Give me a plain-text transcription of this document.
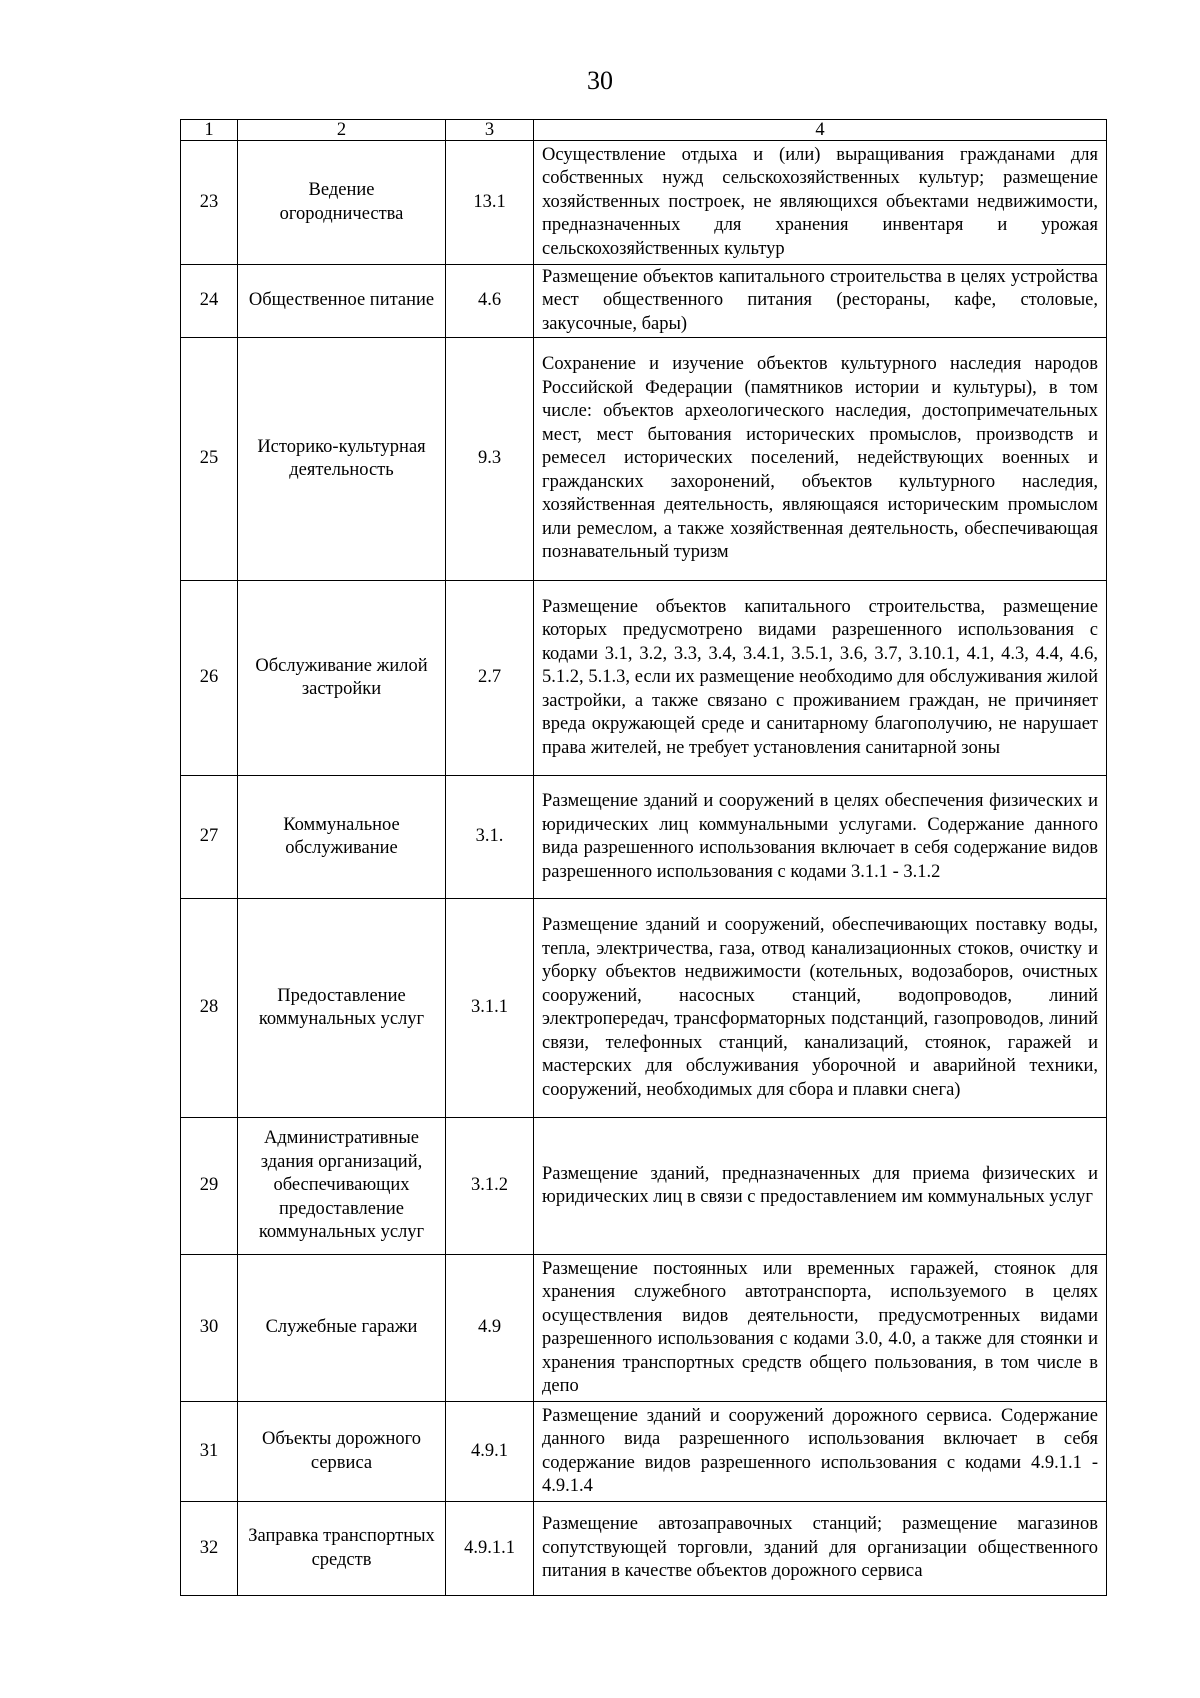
30
1	2	3	4
23	Ведение огородничества	13.1	Осуществление отдыха и (или) выращивания гражданами для собственных нужд сельскохозяйственных культур; размещение хозяйственных построек, не являющихся объектами недвижимости, предназначенных для хранения инвентаря и урожая сельскохозяйственных культур
24	Общественное питание	4.6	Размещение объектов капитального строительства в целях устройства мест общественного питания (рестораны, кафе, столовые, закусочные, бары)
25	Историко-культурная деятельность	9.3	Сохранение и изучение объектов культурного наследия народов Российской Федерации (памятников истории и культуры), в том числе: объектов археологического наследия, достопримечательных мест, мест бытования исторических промыслов, производств и ремесел исторических поселений, недействующих военных и гражданских захоронений, объектов культурного наследия, хозяйственная деятельность, являющаяся историческим промыслом или ремеслом, а также хозяйственная деятельность, обеспечивающая познавательный туризм
26	Обслуживание жилой застройки	2.7	Размещение объектов капитального строительства, размещение которых предусмотрено видами разрешенного использования с кодами 3.1, 3.2, 3.3, 3.4, 3.4.1, 3.5.1, 3.6, 3.7, 3.10.1, 4.1, 4.3, 4.4, 4.6, 5.1.2, 5.1.3, если их размещение необходимо для обслуживания жилой застройки, а также связано с проживанием граждан, не причиняет вреда окружающей среде и санитарному благополучию, не нарушает права жителей, не требует установления санитарной зоны
27	Коммунальное обслуживание	3.1.	Размещение зданий и сооружений в целях обеспечения физических и юридических лиц коммунальными услугами. Содержание данного вида разрешенного использования включает в себя содержание видов разрешенного использования с кодами 3.1.1 - 3.1.2
28	Предоставление коммунальных услуг	3.1.1	Размещение зданий и сооружений, обеспечивающих поставку воды, тепла, электричества, газа, отвод канализационных стоков, очистку и уборку объектов недвижимости (котельных, водозаборов, очистных сооружений, насосных станций, водопроводов, линий электропередач, трансформаторных подстанций, газопроводов, линий связи, телефонных станций, канализаций, стоянок, гаражей и мастерских для обслуживания уборочной и аварийной техники, сооружений, необходимых для сбора и плавки снега)
29	Административные здания организаций, обеспечивающих предоставление коммунальных услуг	3.1.2	Размещение зданий, предназначенных для приема физических и юридических лиц в связи с предоставлением им коммунальных услуг
30	Служебные гаражи	4.9	Размещение постоянных или временных гаражей, стоянок для хранения служебного автотранспорта, используемого в целях осуществления видов деятельности, предусмотренных видами разрешенного использования с кодами 3.0, 4.0, а также для стоянки и хранения транспортных средств общего пользования, в том числе в депо
31	Объекты дорожного сервиса	4.9.1	Размещение зданий и сооружений дорожного сервиса. Содержание данного вида разрешенного использования включает в себя содержание видов разрешенного использования с кодами 4.9.1.1 - 4.9.1.4
32	Заправка транспортных средств	4.9.1.1	Размещение автозаправочных станций; размещение магазинов сопутствующей торговли, зданий для организации общественного питания в качестве объектов дорожного сервиса
